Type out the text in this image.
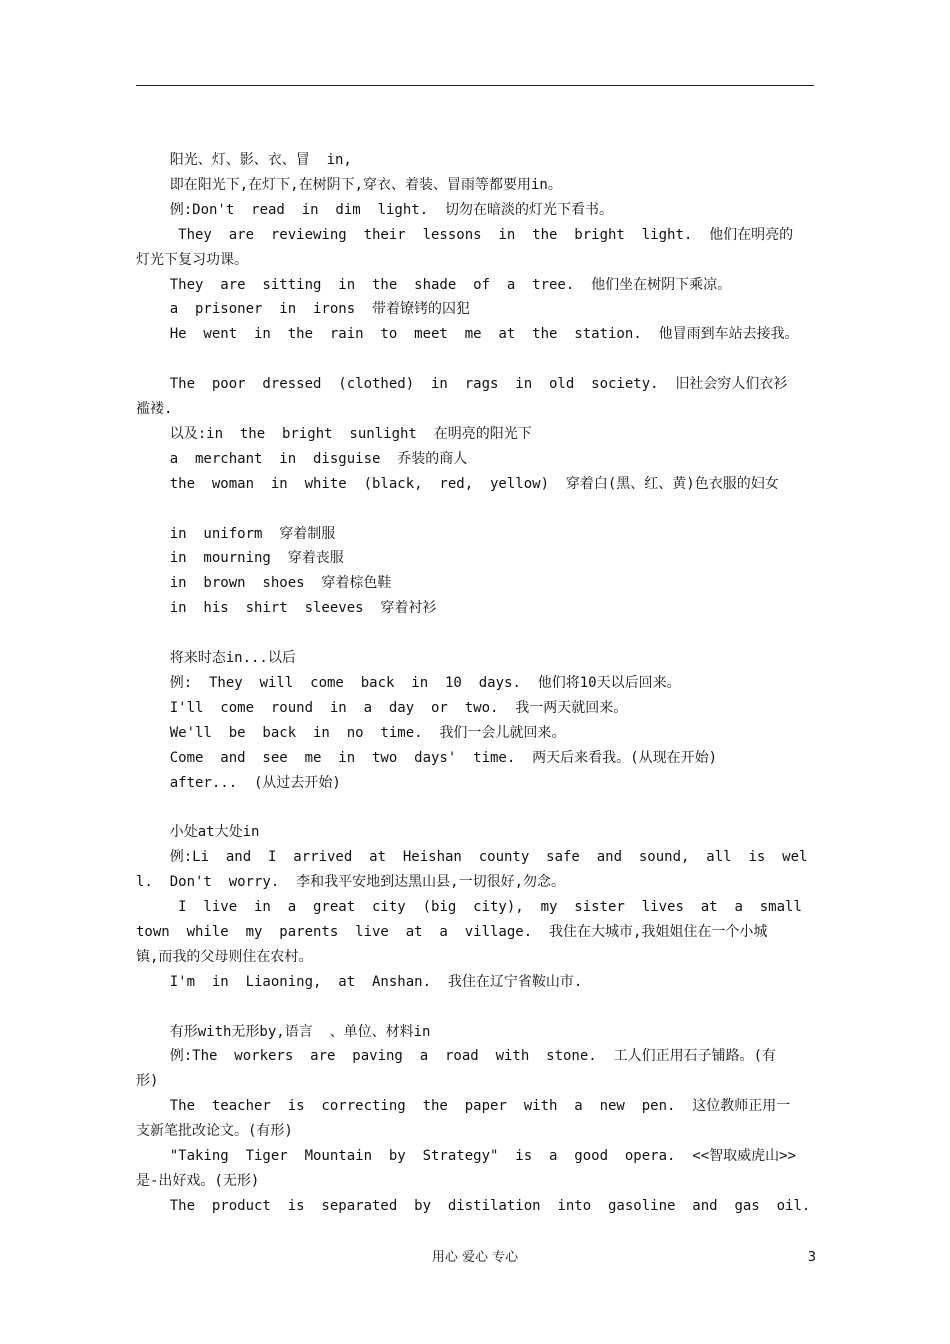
阳光、灯、影、衣、冒  in,
即在阳光下,在灯下,在树阴下,穿衣、着装、冒雨等都要用in。
例:Don't  read  in  dim  light.  切勿在暗淡的灯光下看书。
They  are  reviewing  their  lessons  in  the  bright  light.  他们在明亮的
灯光下复习功课。
They  are  sitting  in  the  shade  of  a  tree.  他们坐在树阴下乘凉。
a  prisoner  in  irons  带着镣铐的囚犯
He  went  in  the  rain  to  meet  me  at  the  station.  他冒雨到车站去接我。
The  poor  dressed  (clothed)  in  rags  in  old  society.  旧社会穷人们衣衫
褴褛.
以及:in  the  bright  sunlight  在明亮的阳光下
a  merchant  in  disguise  乔装的商人
the  woman  in  white  (black,  red,  yellow)  穿着白(黑、红、黄)色衣服的妇女
in  uniform  穿着制服
in  mourning  穿着丧服
in  brown  shoes  穿着棕色鞋
in  his  shirt  sleeves  穿着衬衫
将来时态in...以后
例:  They  will  come  back  in  10  days.  他们将10天以后回来。
I'll  come  round  in  a  day  or  two.  我一两天就回来。
We'll  be  back  in  no  time.  我们一会儿就回来。
Come  and  see  me  in  two  days'  time.  两天后来看我。(从现在开始)
after...  (从过去开始)
小处at大处in
例:Li  and  I  arrived  at  Heishan  county  safe  and  sound,  all  is  wel
l.  Don't  worry.  李和我平安地到达黑山县,一切很好,勿念。
I  live  in  a  great  city  (big  city),  my  sister  lives  at  a  small
town  while  my  parents  live  at  a  village.  我住在大城市,我姐姐住在一个小城
镇,而我的父母则住在农村。
I'm  in  Liaoning,  at  Anshan.  我住在辽宁省鞍山市.
有形with无形by,语言  、单位、材料in
例:The  workers  are  paving  a  road  with  stone.  工人们正用石子铺路。(有
形)
The  teacher  is  correcting  the  paper  with  a  new  pen.  这位教师正用一
支新笔批改论文。(有形)
"Taking  Tiger  Mountain  by  Strategy"  is  a  good  opera.  <<智取威虎山>>
是-出好戏。(无形)
The  product  is  separated  by  distilation  into  gasoline  and  gas  oil.
用心 爱心 专心	3
